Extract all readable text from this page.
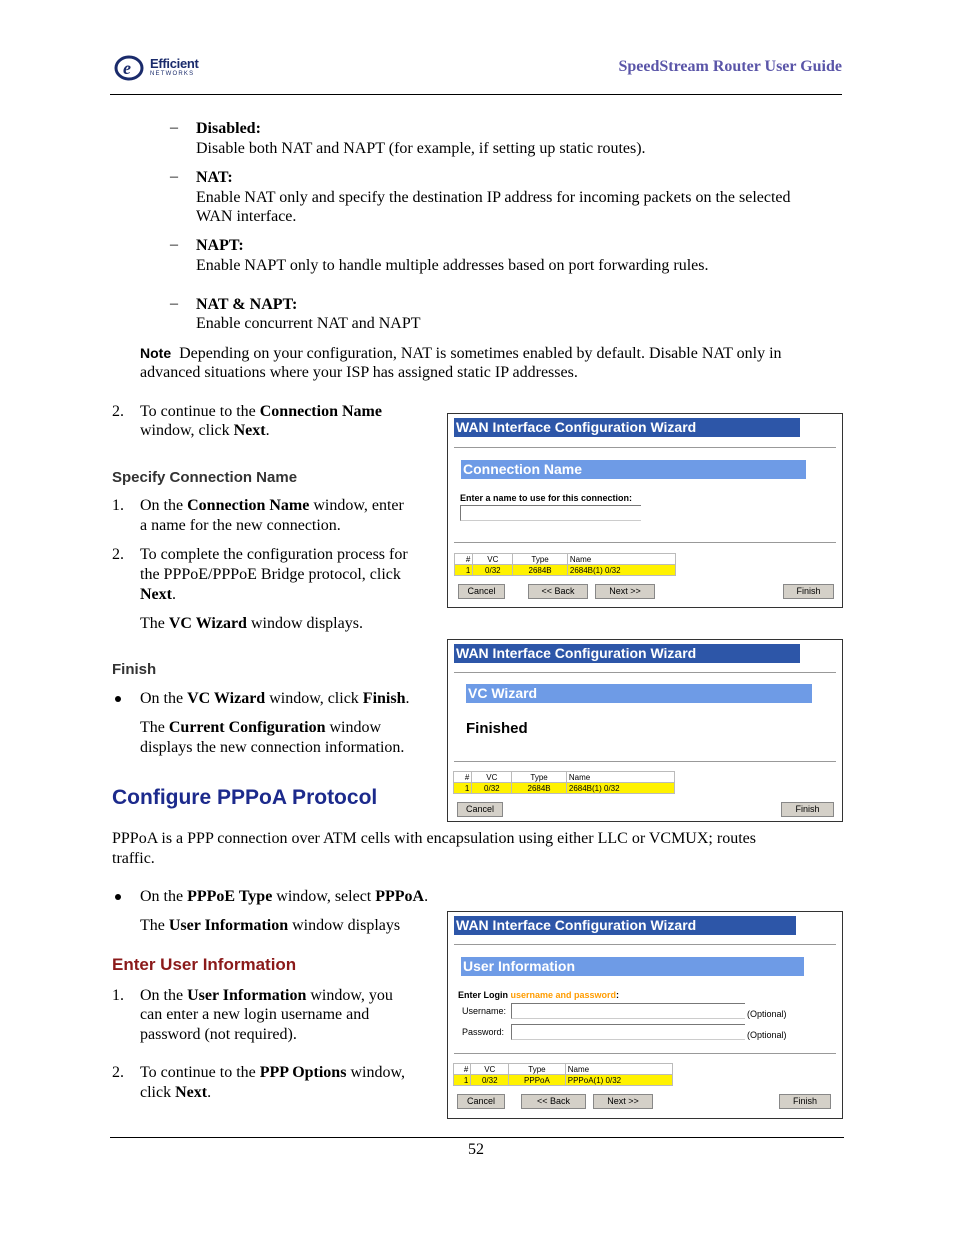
e Efficient
NETWORKS	SpeedStream Router User Guide
– Disabled:
Disable both NAT and NAPT (for example, if setting up static routes).
– NAT:
Enable NAT only and specify the destination IP address for incoming packets on the selected
WAN interface.
– NAPT:
Enable NAPT only to handle multiple addresses based on port forwarding rules.
– NAT & NAPT:
Enable concurrent NAT and NAPT
Note Depending on your configuration, NAT is sometimes enabled by default. Disable NAT only in
advanced situations where your ISP has assigned static IP addresses.
2. To continue to the Connection Name
window, click Next.
Specify Connection Name
1. On the Connection Name window, enter
a name for the new connection.
2. To complete the configuration process for
the PPPoE/PPPoE Bridge protocol, click
Next.
The VC Wizard window displays.
Finish
On the VC Wizard window, click Finish.
The Current Configuration window
displays the new connection information.
Configure PPPoA Protocol
PPPoA is a PPP connection over ATM cells with encapsulation using either LLC or VCMUX; routes
traffic.
On the PPPoE Type window, select PPPoA.
The User Information window displays
Enter User Information
1. On the User Information window, you
can enter a new login username and
password (not required).
2. To continue to the PPP Options window,
click Next.
WAN Interface Configuration Wizard
Connection Name
Enter a name to use for this connection:
#	VC	Type	Name
1	0/32	2684B	2684B(1) 0/32
Cancel	<< Back	Next >>	Finish
WAN Interface Configuration Wizard
VC Wizard
Finished
#	VC	Type	Name
1	0/32	2684B	2684B(1) 0/32
Cancel	Finish
WAN Interface Configuration Wizard
User Information
Enter Login username and password:
Username:	(Optional)
Password:	(Optional)
#	VC	Type	Name
1	0/32	PPPoA	PPPoA(1) 0/32
Cancel	<< Back	Next >>	Finish
52
